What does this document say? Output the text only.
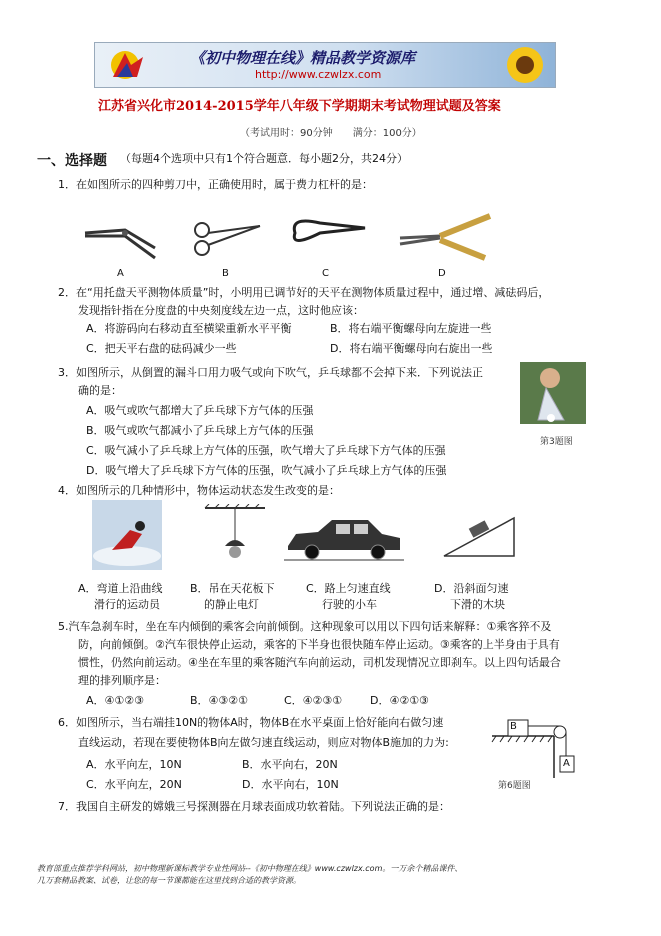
《初中物理在线》精品教学资源库
http://www.czwlzx.com
江苏省兴化市2014-2015学年八年级下学期期末考试物理试题及答案
（考试用时：90分钟　　满分：100分）
一、选择题 （每题4个选项中只有1个符合题意．每小题2分，共24分）
1．在如图所示的四种剪刀中，正确使用时，属于费力杠杆的是：
A	B	C	D
2．在“用托盘天平测物体质量”时，小明用已调节好的天平在测物体质量过程中，通过增、减砝码后，
发现指针指在分度盘的中央刻度线左边一点，这时他应该：
A．将游码向右移动直至横梁重新水平平衡	B．将右端平衡螺母向左旋进一些
C．把天平右盘的砝码减少一些	D．将右端平衡螺母向右旋出一些
3．如图所示，从倒置的漏斗口用力吸气或向下吹气，乒乓球都不会掉下来．下列说法正
确的是：
A．吸气或吹气都增大了乒乓球下方气体的压强
B．吸气或吹气都减小了乒乓球上方气体的压强
C．吸气减小了乒乓球上方气体的压强，吹气增大了乒乓球下方气体的压强
D．吸气增大了乒乓球下方气体的压强，吹气减小了乒乓球上方气体的压强
第3题图
4．如图所示的几种情形中，物体运动状态发生改变的是：
A．弯道上沿曲线
滑行的运动员
B．吊在天花板下
的静止电灯
C．路上匀速直线
行驶的小车
D．沿斜面匀速
下滑的木块
5.汽车急刹车时，坐在车内倾倒的乘客会向前倾倒。这种现象可以用以下四句话来解释：①乘客猝不及
防，向前倾倒。②汽车很快停止运动，乘客的下半身也很快随车停止运动。③乘客的上半身由于具有
惯性，仍然向前运动。④坐在车里的乘客随汽车向前运动，司机发现情况立即刹车。以上四句话最合
理的排列顺序是：
A．④①②③	B．④③②①	C．④②③①	D．④②①③
6．如图所示，当右端挂10N的物体A时，物体B在水平桌面上恰好能向右做匀速
直线运动，若现在要使物体B向左做匀速直线运动，则应对物体B施加的力为:
A．水平向左，10N	B．水平向右，20N
C．水平向左，20N	D．水平向右，10N
B
A
第6题图
7．我国自主研发的嫦娥三号探测器在月球表面成功软着陆。下列说法正确的是：
教育部重点推荐学科网站，初中物理新课标教学专业性网站--《初中物理在线》www.czwlzx.com。一万余个精品课件、
几万套精品教案、试卷，让您的每一节课都能在这里找到合适的教学资源。
